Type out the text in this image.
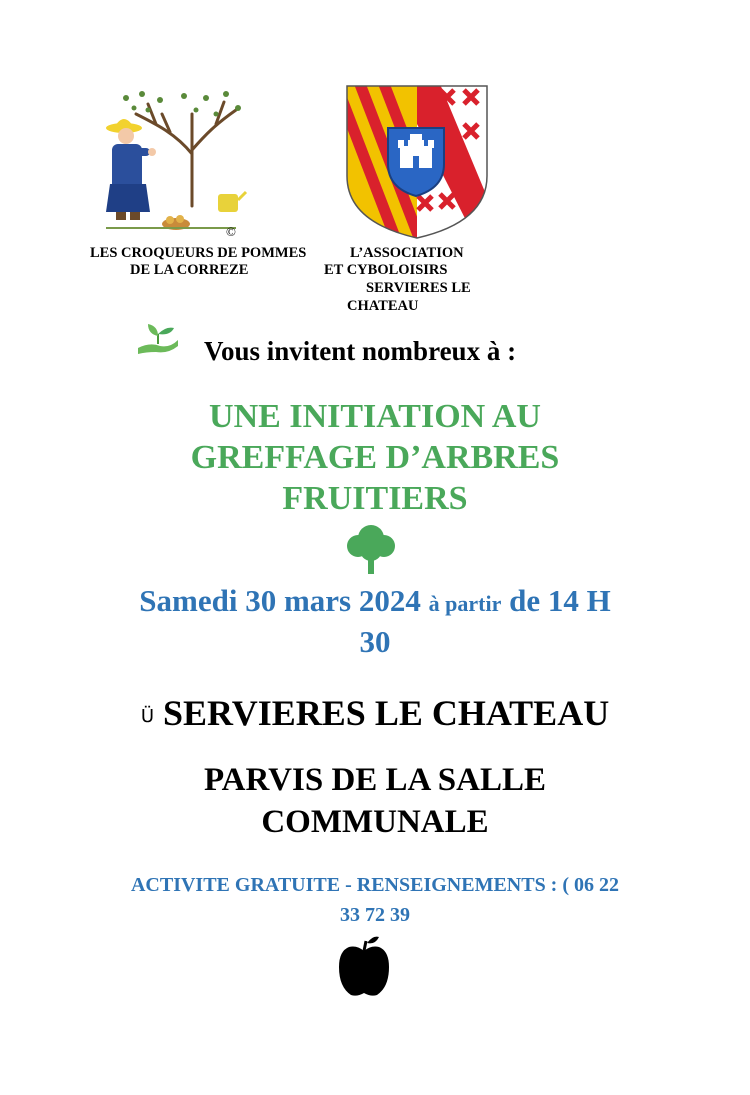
©
LES CROQUEURS DE POMMES
DE LA CORREZE
L’ASSOCIATION
ET CYBOLOISIRS
SERVIERES LE
CHATEAU
Vous invitent nombreux à :
UNE INITIATION AU
GREFFAGE D’ARBRES
FRUITIERS
Samedi 30 mars 2024 à partir de 14 H
30
Ü SERVIERES LE CHATEAU
PARVIS DE LA SALLE
COMMUNALE
ACTIVITE GRATUITE - RENSEIGNEMENTS : ( 06 22
33 72 39
